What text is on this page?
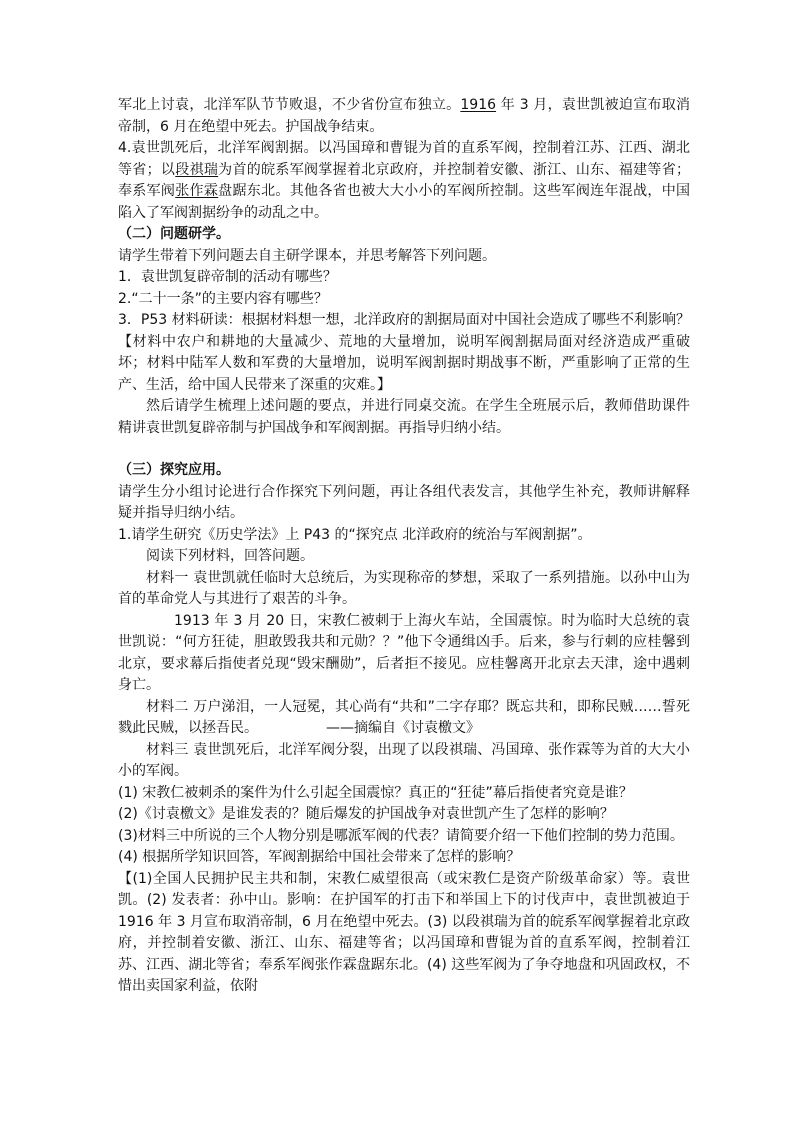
军北上讨袁，北洋军队节节败退，不少省份宣布独立。1916 年 3 月，袁世凯被迫宣布取消帝制，6 月在绝望中死去。护国战争结束。

4.袁世凯死后，北洋军阀割据。以冯国璋和曹锟为首的直系军阀，控制着江苏、江西、湖北等省；以段祺瑞为首的皖系军阀掌握着北京政府，并控制着安徽、浙江、山东、福建等省；奉系军阀张作霖盘踞东北。其他各省也被大大小小的军阀所控制。这些军阀连年混战，中国陷入了军阀割据纷争的动乱之中。

（二）问题研学。

请学生带着下列问题去自主研学课本，并思考解答下列问题。

1．袁世凯复辟帝制的活动有哪些？

2.“二十一条”的主要内容有哪些？

3．P53 材料研读：根据材料想一想，北洋政府的割据局面对中国社会造成了哪些不利影响？【材料中农户和耕地的大量减少、荒地的大量增加，说明军阀割据局面对经济造成严重破坏；材料中陆军人数和军费的大量增加，说明军阀割据时期战事不断，严重影响了正常的生产、生活，给中国人民带来了深重的灾难。】

然后请学生梳理上述问题的要点，并进行同桌交流。在学生全班展示后，教师借助课件精讲袁世凯复辟帝制与护国战争和军阀割据。再指导归纳小结。

（三）探究应用。

请学生分小组讨论进行合作探究下列问题，再让各组代表发言，其他学生补充，教师讲解释疑并指导归纳小结。

1.请学生研究《历史学法》上 P43 的“探究点 北洋政府的统治与军阀割据”。

阅读下列材料，回答问题。

材料一 袁世凯就任临时大总统后，为实现称帝的梦想，采取了一系列措施。以孙中山为首的革命党人与其进行了艰苦的斗争。

1913 年 3 月 20 日，宋教仁被刺于上海火车站，全国震惊。时为临时大总统的袁世凯说：“何方狂徒，胆敢毁我共和元勋？？”他下令通缉凶手。后来，参与行刺的应桂馨到北京，要求幕后指使者兑现“毁宋酬勋”，后者拒不接见。应桂馨离开北京去天津，途中遇刺身亡。

材料二 万户涕泪，一人冠冕，其心尚有“共和”二字存耶？既忘共和，即称民贼……誓死戮此民贼，以拯吾民。	——摘编自《讨袁檄文》

材料三 袁世凯死后，北洋军阀分裂，出现了以段祺瑞、冯国璋、张作霖等为首的大大小小的军阀。

(1) 宋教仁被刺杀的案件为什么引起全国震惊？真正的“狂徒”幕后指使者究竟是谁？

(2)《讨袁檄文》是谁发表的？随后爆发的护国战争对袁世凯产生了怎样的影响？

(3)材料三中所说的三个人物分别是哪派军阀的代表？请简要介绍一下他们控制的势力范围。

(4) 根据所学知识回答，军阀割据给中国社会带来了怎样的影响？

【(1)全国人民拥护民主共和制，宋教仁威望很高（或宋教仁是资产阶级革命家）等。袁世凯。(2) 发表者：孙中山。影响：在护国军的打击下和举国上下的讨伐声中，袁世凯被迫于 1916 年 3 月宣布取消帝制，6 月在绝望中死去。(3) 以段祺瑞为首的皖系军阀掌握着北京政府，并控制着安徽、浙江、山东、福建等省；以冯国璋和曹锟为首的直系军阀，控制着江苏、江西、湖北等省；奉系军阀张作霖盘踞东北。(4) 这些军阀为了争夺地盘和巩固政权，不惜出卖国家利益，依附
